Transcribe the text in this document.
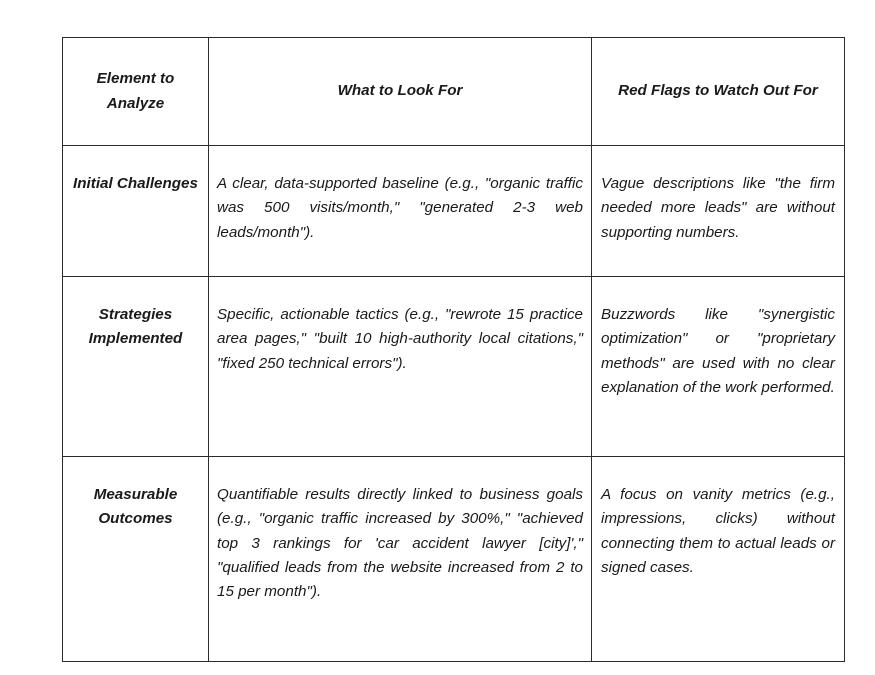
Element to Analyze	What to Look For	Red Flags to Watch Out For

Initial Challenges	A clear, data-supported baseline (e.g., "organic traffic was 500 visits/month," "generated 2-3 web leads/month").	Vague descriptions like "the firm needed more leads" are without supporting numbers.
Strategies Implemented	Specific, actionable tactics (e.g., "rewrote 15 practice area pages," "built 10 high-authority local citations," "fixed 250 technical errors").	Buzzwords like "synergistic optimization" or "proprietary methods" are used with no clear explanation of the work performed.
Measurable Outcomes	Quantifiable results directly linked to business goals (e.g., "organic traffic increased by 300%," "achieved top 3 rankings for 'car accident lawyer [city]'," "qualified leads from the website increased from 2 to 15 per month").	A focus on vanity metrics (e.g., impressions, clicks) without connecting them to actual leads or signed cases.
